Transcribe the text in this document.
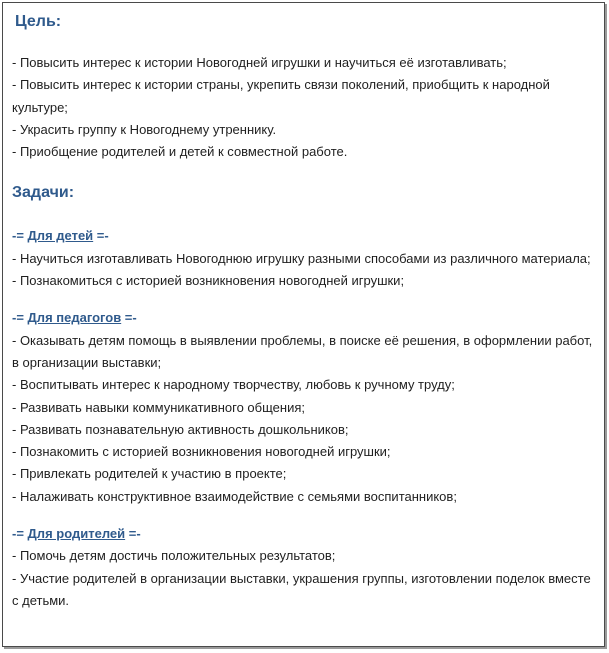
Цель:
- Повысить интерес к истории Новогодней игрушки и научиться её изготавливать;
- Повысить интерес к истории страны, укрепить связи поколений, приобщить к народной культуре;
- Украсить группу к Новогоднему утреннику.
- Приобщение родителей и детей к совместной работе.
Задачи:
-= Для детей =-
- Научиться изготавливать Новогоднюю игрушку разными способами из различного материала;
- Познакомиться с историей возникновения новогодней игрушки;
-= Для педагогов =-
- Оказывать детям помощь в выявлении проблемы, в поиске её решения, в оформлении работ, в организации выставки;
- Воспитывать интерес к народному творчеству, любовь к ручному труду;
- Развивать навыки коммуникативного общения;
- Развивать познавательную активность дошкольников;
- Познакомить с историей возникновения новогодней игрушки;
- Привлекать родителей к участию в проекте;
- Налаживать конструктивное взаимодействие с семьями воспитанников;
-= Для родителей =-
- Помочь детям достичь положительных результатов;
- Участие родителей в организации выставки, украшения группы, изготовлении поделок вместе с детьми.
